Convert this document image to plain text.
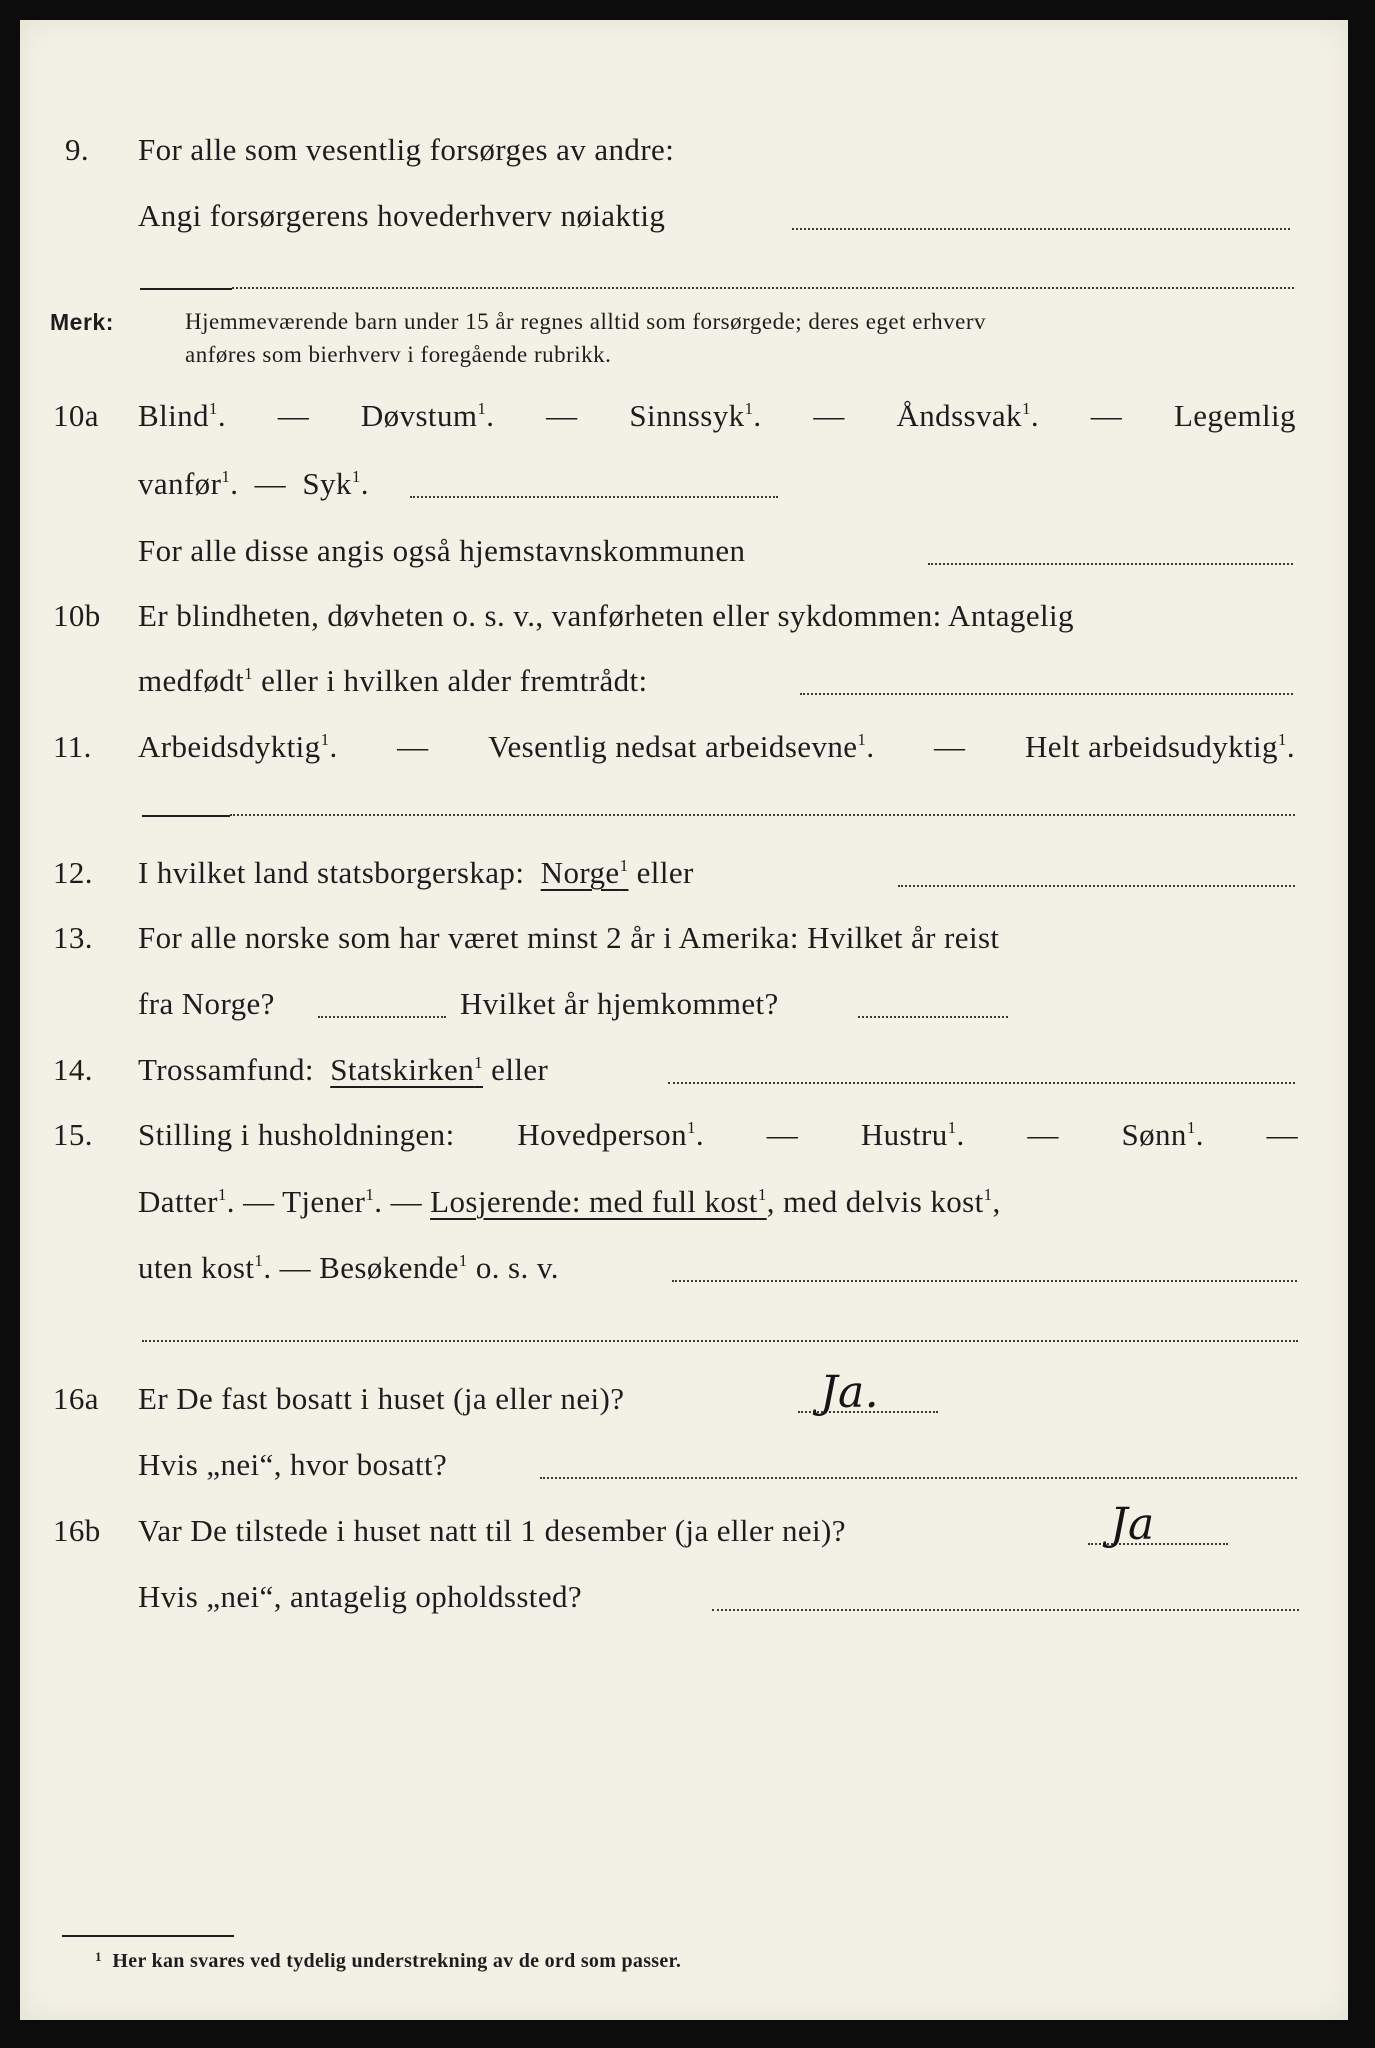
9. For alle som vesentlig forsørges av andre:
Angi forsørgerens hovederhverv nøiaktig
Merk:	Hjemmeværende barn under 15 år regnes alltid som forsørgede; deres eget erhverv
anføres som bierhverv i foregående rubrikk.
10a Blind$^1$. — Døvstum$^1$. — Sinnssyk$^1$. — Åndssvak$^1$. — Legemlig
vanfør$^1$.  —  Syk$^1$.
For alle disse angis også hjemstavnskommunen
10b Er blindheten, døvheten o. s. v., vanførheten eller sykdommen: Antagelig
medfødt$^1$ eller i hvilken alder fremtrådt:
11. Arbeidsdyktig$^1$. — Vesentlig nedsat arbeidsevne$^1$. — Helt arbeidsudyktig$^1$.
12. I hvilket land statsborgerskap: Norge$^1$ eller
13. For alle norske som har været minst 2 år i Amerika: Hvilket år reist
fra Norge?	Hvilket år hjemkommet?
14. Trossamfund: Statskirken$^1$ eller
15. Stilling i husholdningen: Hovedperson$^1$. — Hustru$^1$. — Sønn$^1$. —
Datter$^1$. — Tjener$^1$. — Losjerende: med full kost$^1$, med delvis kost$^1$,
uten kost$^1$. — Besøkende$^1$ o. s. v.
16a Er De fast bosatt i huset (ja eller nei)?	Ja.
Hvis „nei“, hvor bosatt?
16b Var De tilstede i huset natt til 1 desember (ja eller nei)?	Ja
Hvis „nei“, antagelig opholdssted?
$^1$ Her kan svares ved tydelig understrekning av de ord som passer.
